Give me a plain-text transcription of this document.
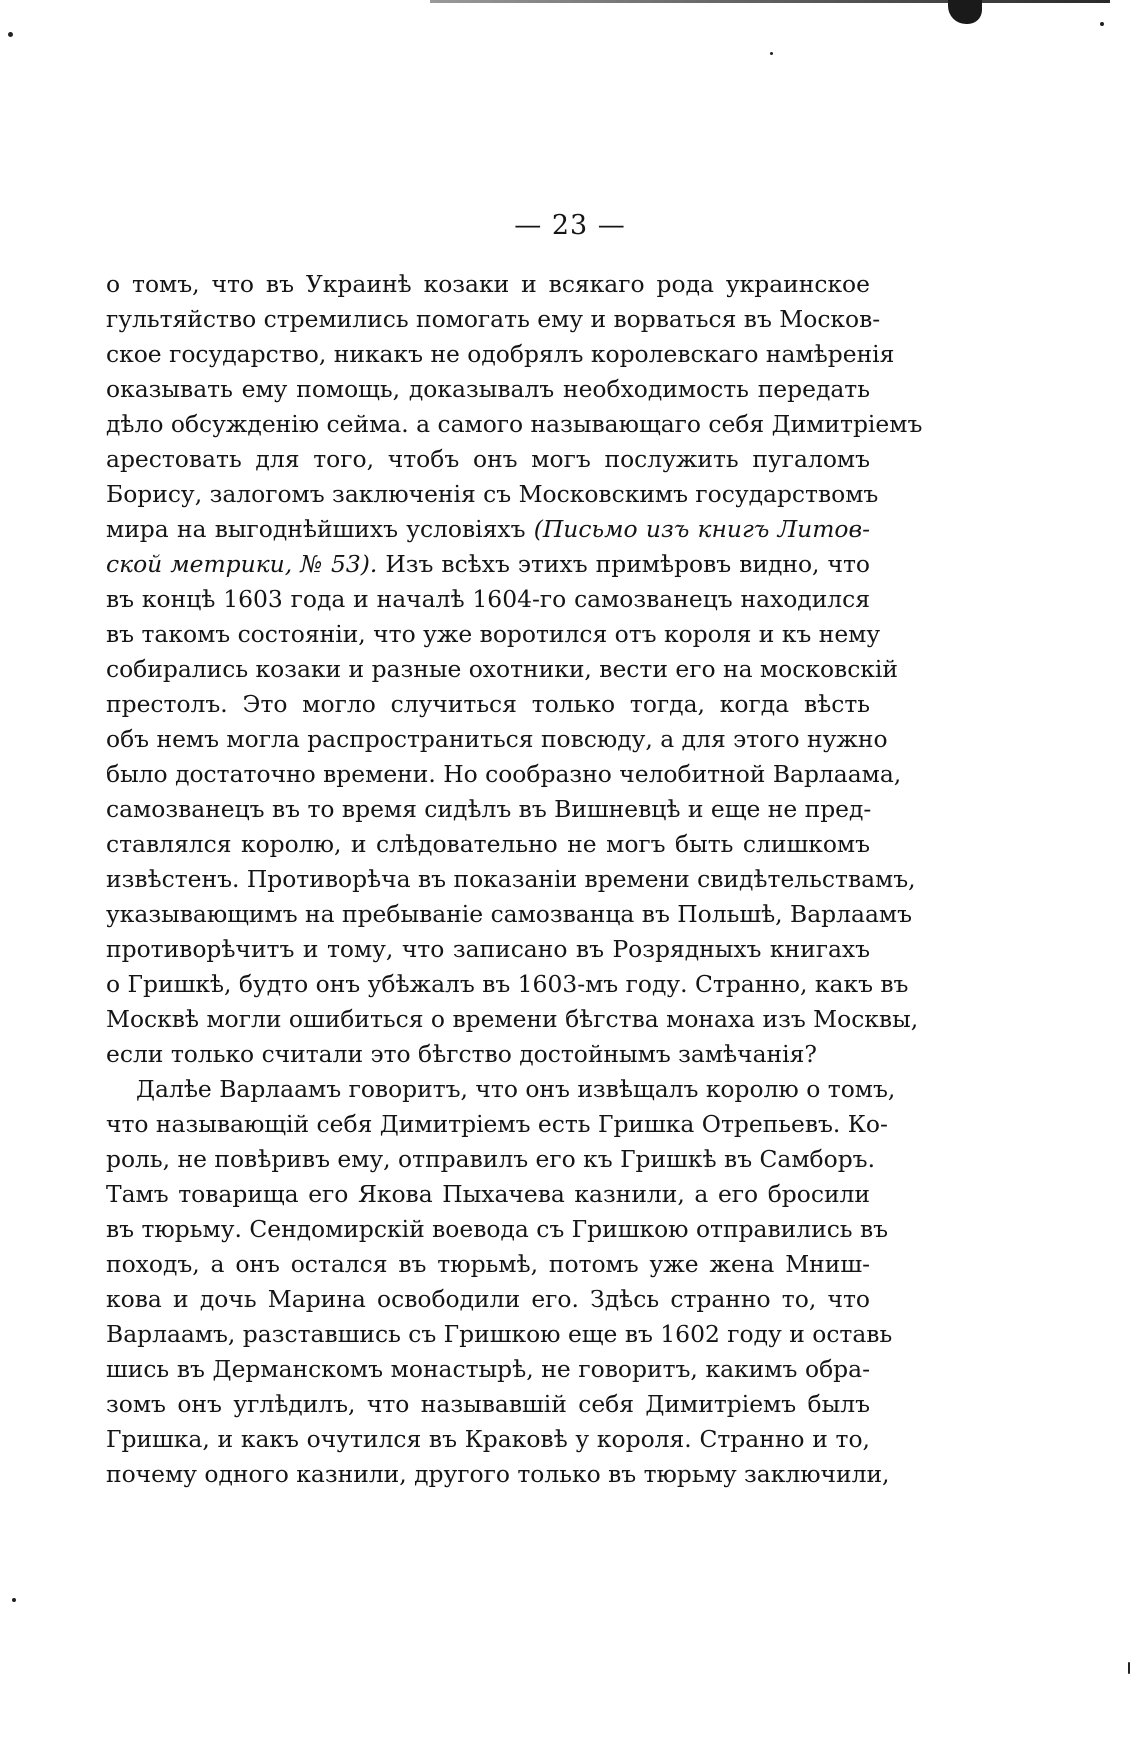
— 23 —
о томъ, что въ Украинѣ козаки и всякаго рода украинское
гультяйство стремились помогать ему и ворваться въ Москов-
ское государство, никакъ не одобрялъ королевскаго намѣренія
оказывать ему помощь, доказывалъ необходимость передать
дѣло обсужденію сейма. а самого называющаго себя Димитріемъ
арестовать для того, чтобъ онъ могъ послужить пугаломъ
Борису, залогомъ заключенія съ Московскимъ государствомъ
мира на выгоднѣйшихъ условіяхъ (Письмо изъ книгъ Литов-
ской метрики, № 53). Изъ всѣхъ этихъ примѣровъ видно, что
въ концѣ 1603 года и началѣ 1604-го самозванецъ находился
въ такомъ состояніи, что уже воротился отъ короля и къ нему
собирались козаки и разные охотники, вести его на московскій
престолъ. Это могло случиться только тогда, когда вѣсть
объ немъ могла распространиться повсюду, а для этого нужно
было достаточно времени. Но сообразно челобитной Варлаама,
самозванецъ въ то время сидѣлъ въ Вишневцѣ и еще не пред-
ставлялся королю, и слѣдовательно не могъ быть слишкомъ
извѣстенъ. Противорѣча въ показаніи времени свидѣтельствамъ,
указывающимъ на пребываніе самозванца въ Польшѣ, Варлаамъ
противорѣчитъ и тому, что записано въ Розрядныхъ книгахъ
о Гришкѣ, будто онъ убѣжалъ въ 1603-мъ году. Странно, какъ въ
Москвѣ могли ошибиться о времени бѣгства монаха изъ Москвы,
если только считали это бѣгство достойнымъ замѣчанія?
Далѣе Варлаамъ говоритъ, что онъ извѣщалъ королю о томъ,
что называющій себя Димитріемъ есть Гришка Отрепьевъ. Ко-
роль, не повѣривъ ему, отправилъ его къ Гришкѣ въ Самборъ.
Тамъ товарища его Якова Пыхачева казнили, а его бросили
въ тюрьму. Сендомирскій воевода съ Гришкою отправились въ
походъ, а онъ остался въ тюрьмѣ, потомъ уже жена Мниш-
кова и дочь Марина освободили его. Здѣсь странно то, что
Варлаамъ, разставшись съ Гришкою еще въ 1602 году и оставь
шись въ Дерманскомъ монастырѣ, не говоритъ, какимъ обра-
зомъ онъ углѣдилъ, что называвшій себя Димитріемъ былъ
Гришка, и какъ очутился въ Краковѣ у короля. Странно и то,
почему одного казнили, другого только въ тюрьму заключили,
